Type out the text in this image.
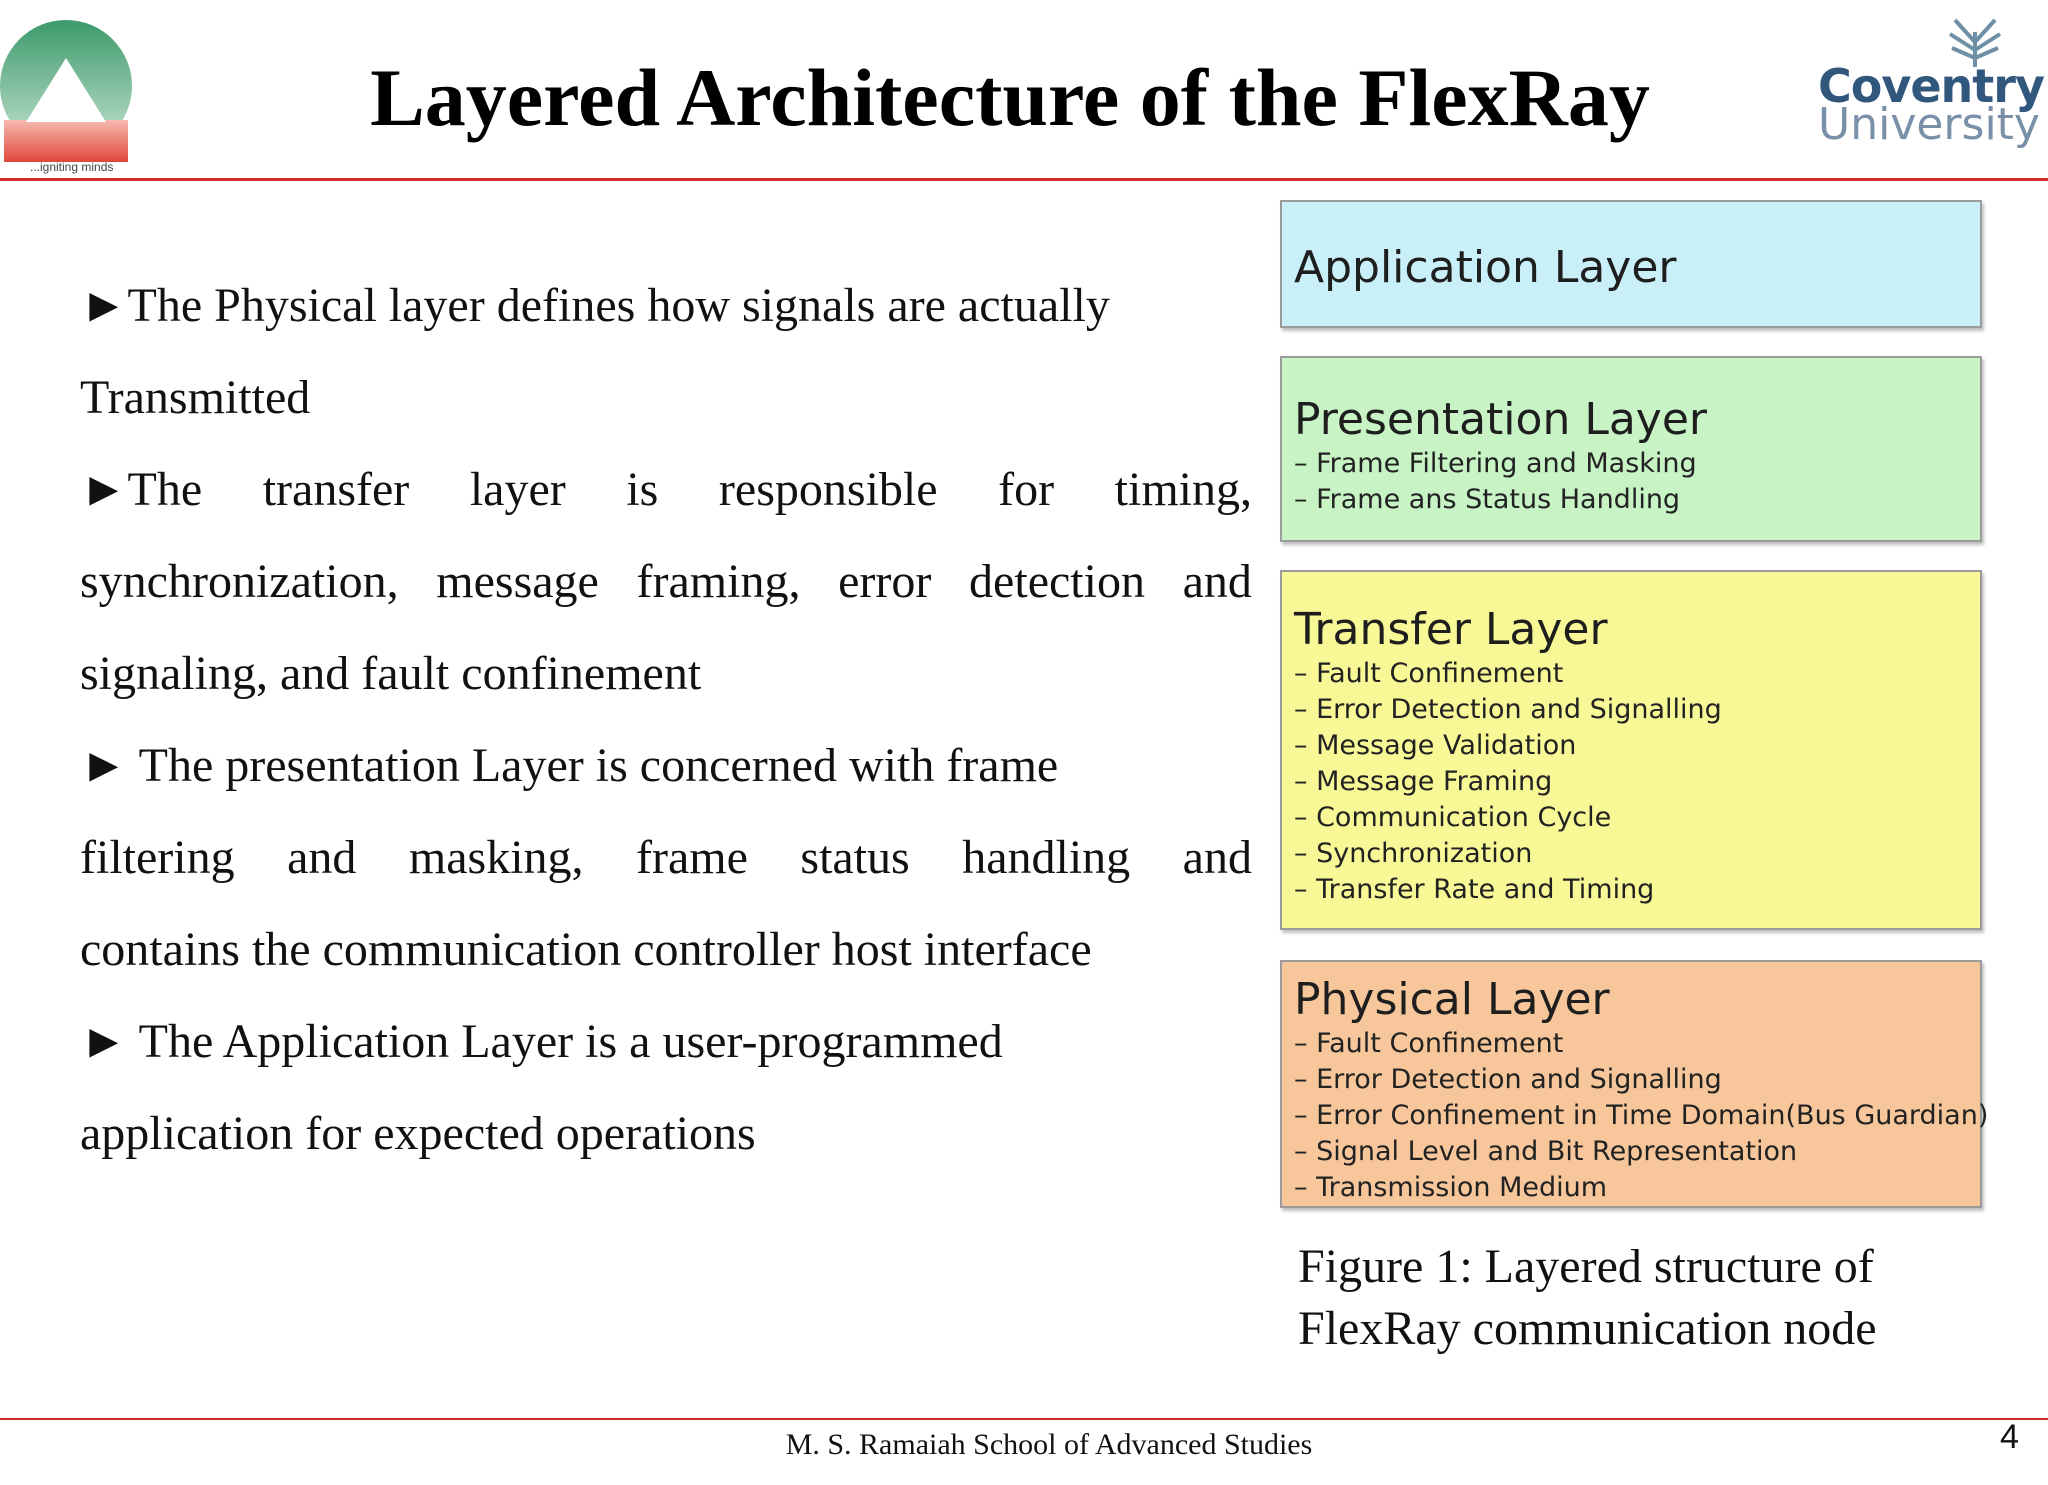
...igniting minds
Layered Architecture of the FlexRay	Coventry
University
►The Physical layer defines how signals are actually
Transmitted
►The transfer layer is responsible for timing,
synchronization, message framing, error detection and
signaling, and fault confinement
► The presentation Layer is concerned with frame
filtering and masking, frame status handling and
contains the communication controller host interface
► The Application Layer is a user-programmed
application for expected operations
Application Layer
Presentation Layer
– Frame Filtering and Masking
– Frame ans Status Handling
Transfer Layer
– Fault Confinement
– Error Detection and Signalling
– Message Validation
– Message Framing
– Communication Cycle
– Synchronization
– Transfer Rate and Timing
Physical Layer
– Fault Confinement
– Error Detection and Signalling
– Error Confinement in Time Domain(Bus Guardian)
– Signal Level and Bit Representation
– Transmission Medium
Figure 1: Layered structure of
FlexRay communication node
M. S. Ramaiah School of Advanced Studies	4
